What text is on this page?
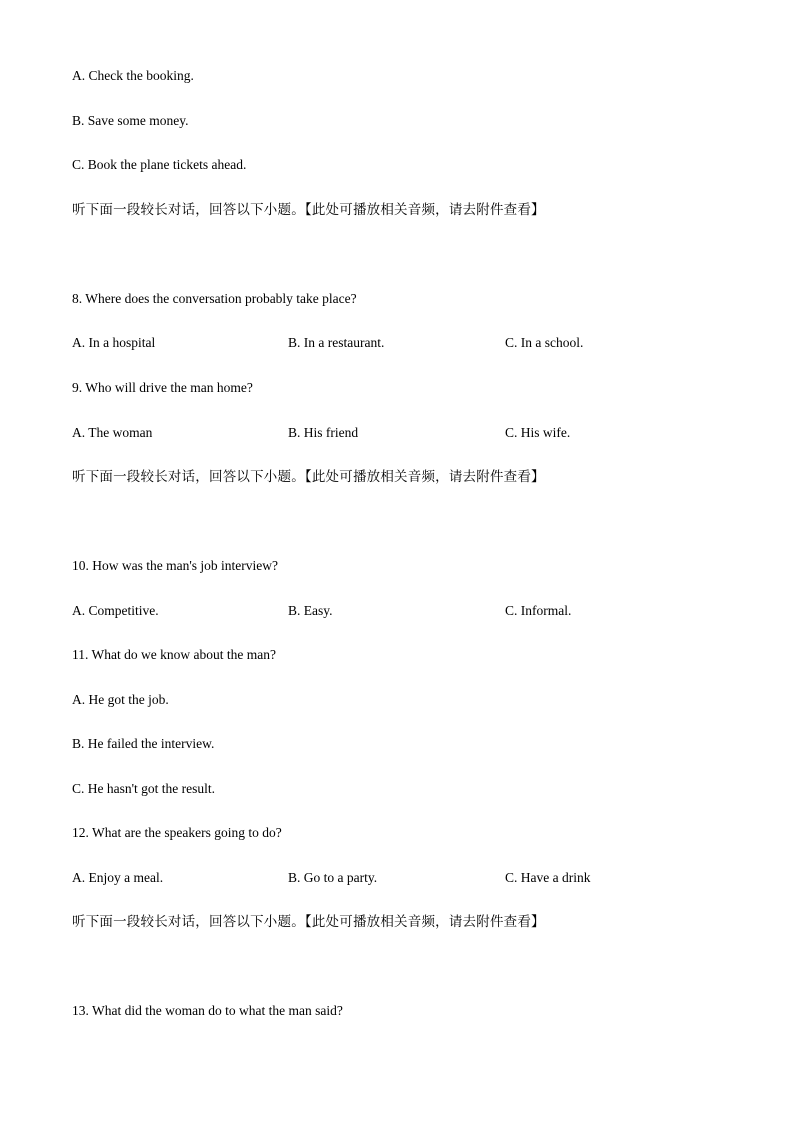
A. Check the booking.
B. Save some money.
C. Book the plane tickets ahead.
听下面一段较长对话，回答以下小题。【此处可播放相关音频，请去附件查看】
8. Where does the conversation probably take place?
A. In a hospital	B. In a restaurant.	C. In a school.
9. Who will drive the man home?
A. The woman	B. His friend	C. His wife.
听下面一段较长对话，回答以下小题。【此处可播放相关音频，请去附件查看】
10. How was the man's job interview?
A. Competitive.	B. Easy.	C. Informal.
11. What do we know about the man?
A. He got the job.
B. He failed the interview.
C. He hasn't got the result.
12. What are the speakers going to do?
A. Enjoy a meal.	B. Go to a party.	C. Have a drink
听下面一段较长对话，回答以下小题。【此处可播放相关音频，请去附件查看】
13. What did the woman do to what the man said?
